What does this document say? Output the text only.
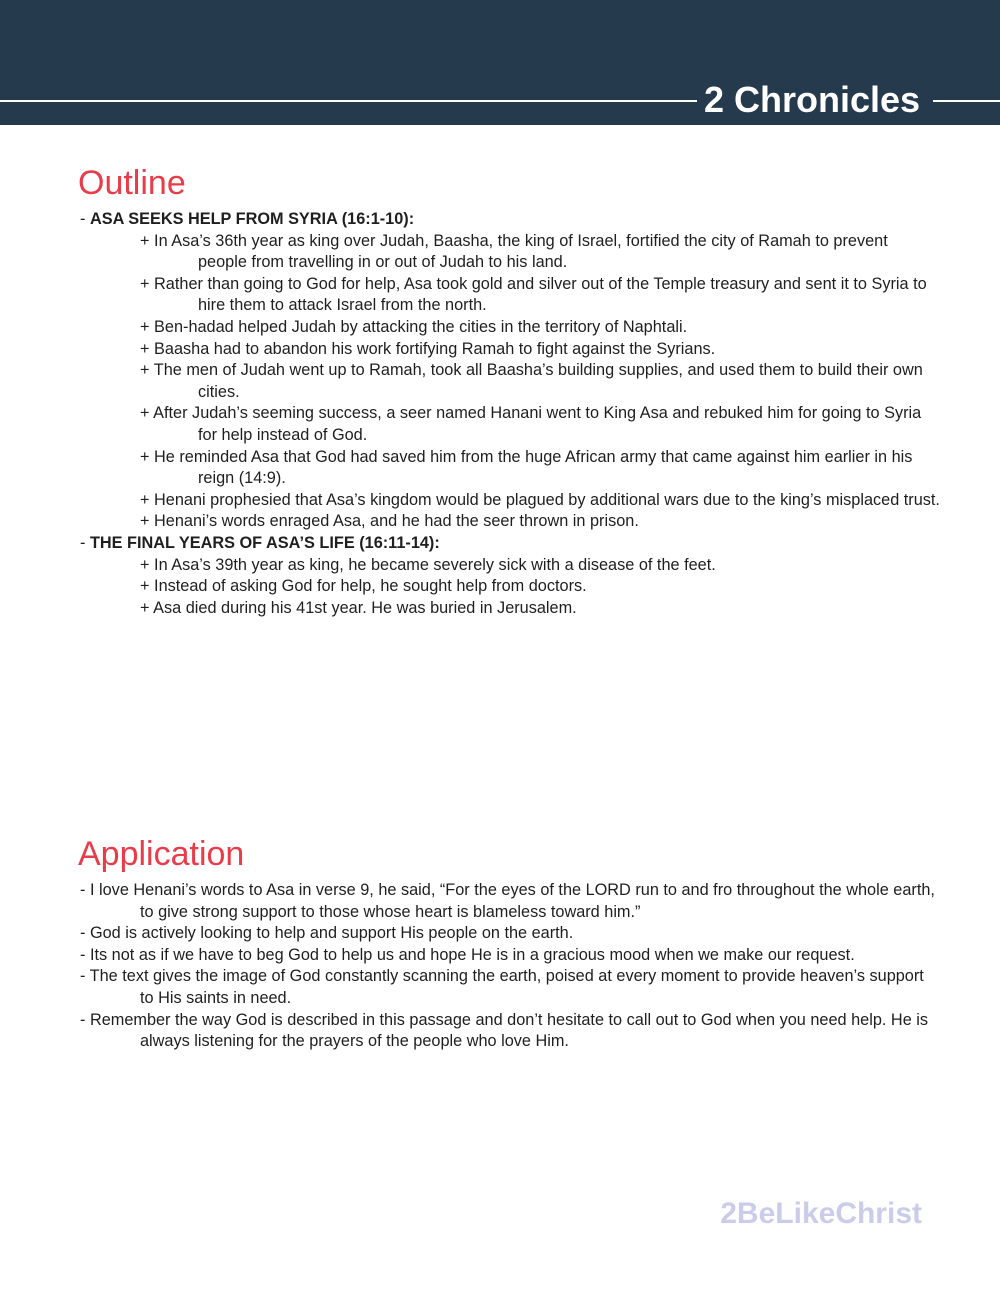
2 Chronicles
Outline
- ASA SEEKS HELP FROM SYRIA (16:1-10):
+ In Asa’s 36th year as king over Judah, Baasha, the king of Israel, fortified the city of Ramah to prevent people from travelling in or out of Judah to his land.
+ Rather than going to God for help, Asa took gold and silver out of the Temple treasury and sent it to Syria to hire them to attack Israel from the north.
+ Ben-hadad helped Judah by attacking the cities in the territory of Naphtali.
+ Baasha had to abandon his work fortifying Ramah to fight against the Syrians.
+ The men of Judah went up to Ramah, took all Baasha’s building supplies, and used them to build their own cities.
+ After Judah’s seeming success, a seer named Hanani went to King Asa and rebuked him for going to Syria for help instead of God.
+ He reminded Asa that God had saved him from the huge African army that came against him earlier in his reign (14:9).
+ Henani prophesied that Asa’s kingdom would be plagued by additional wars due to the king’s misplaced trust.
+ Henani’s words enraged Asa, and he had the seer thrown in prison.
- THE FINAL YEARS OF ASA’S LIFE (16:11-14):
+ In Asa’s 39th year as king, he became severely sick with a disease of the feet.
+ Instead of asking God for help, he sought help from doctors.
+ Asa died during his 41st year. He was buried in Jerusalem.
Application
- I love Henani’s words to Asa in verse 9, he said, “For the eyes of the LORD run to and fro throughout the whole earth, to give strong support to those whose heart is blameless toward him.”
- God is actively looking to help and support His people on the earth.
- Its not as if we have to beg God to help us and hope He is in a gracious mood when we make our request.
- The text gives the image of God constantly scanning the earth, poised at every moment to provide heaven’s support to His saints in need.
- Remember the way God is described in this passage and don’t hesitate to call out to God when you need help. He is always listening for the prayers of the people who love Him.
2BeLikeChrist
